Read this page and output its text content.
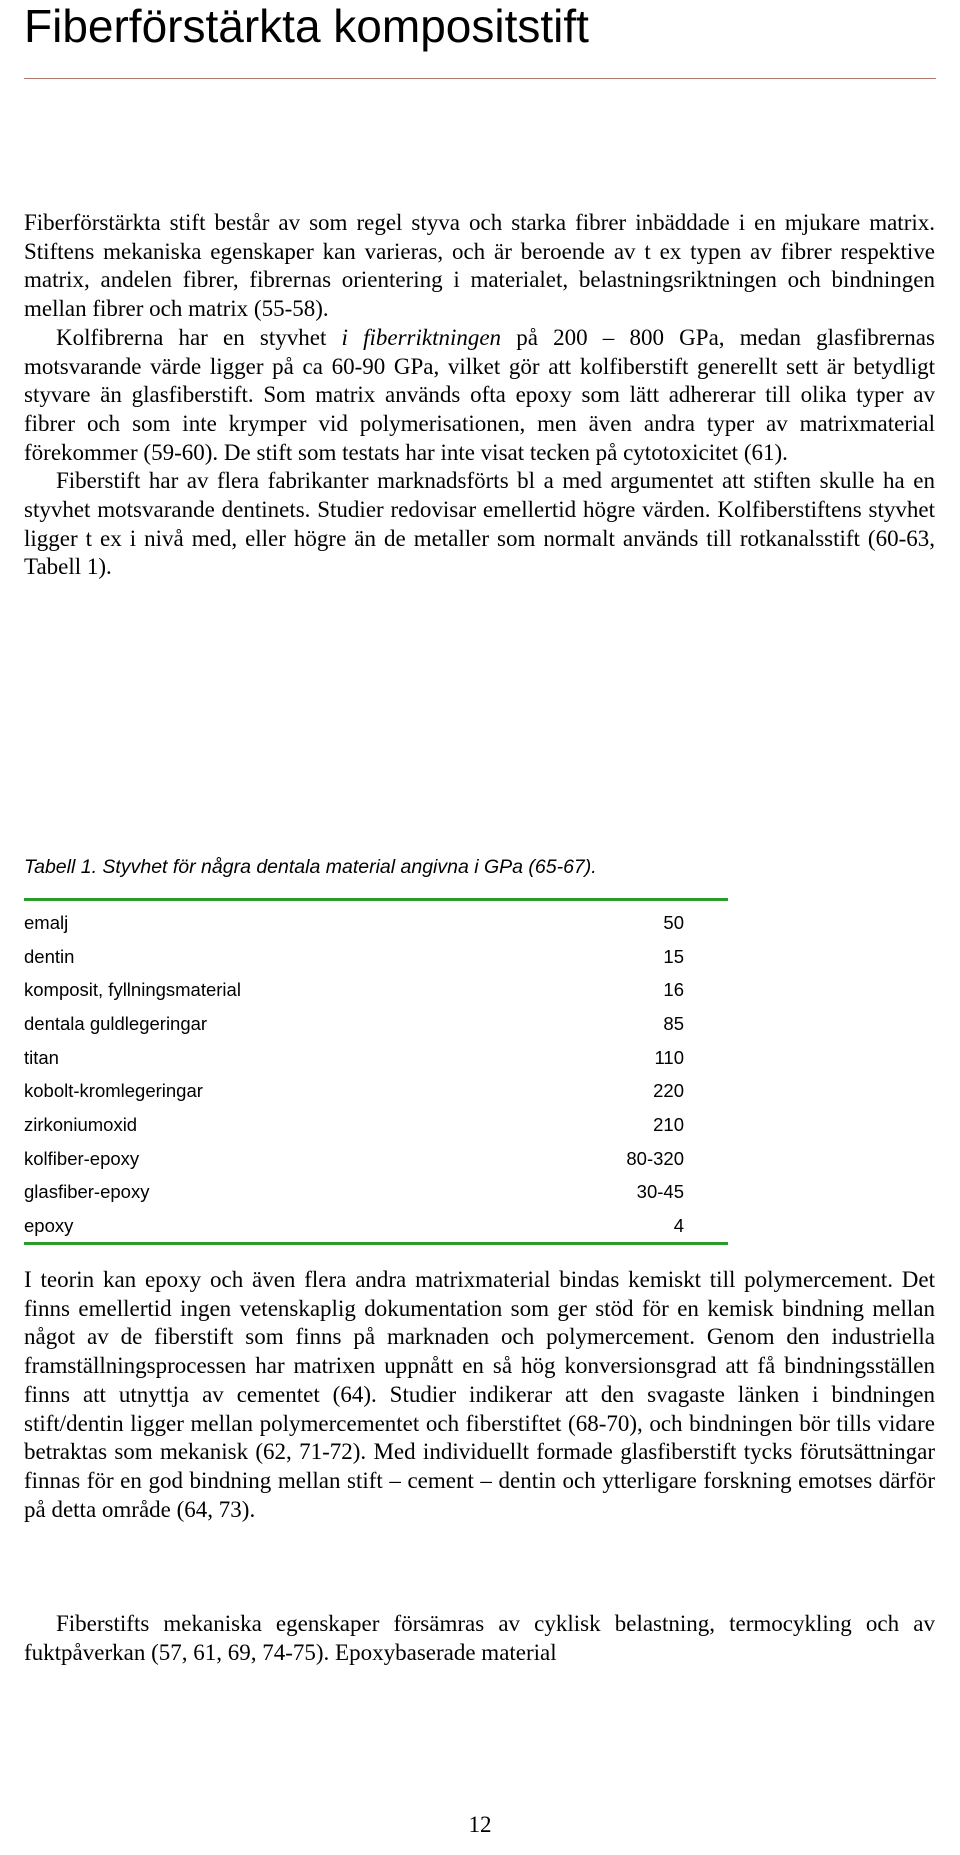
Fiberförstärkta kompositstift

Fiberförstärkta stift består av som regel styva och starka fibrer inbäddade i en mjukare matrix. Stiftens mekaniska egenskaper kan varieras, och är beroende av t ex typen av fibrer respektive matrix, andelen fibrer, fibrernas orientering i materialet, belastningsriktningen och bindningen mellan fibrer och matrix (55-58).

Kolfibrerna har en styvhet i fiberriktningen på 200 – 800 GPa, medan glasfibrernas motsvarande värde ligger på ca 60-90 GPa, vilket gör att kolfiberstift generellt sett är betydligt styvare än glasfiberstift. Som matrix används ofta epoxy som lätt adhererar till olika typer av fibrer och som inte krymper vid polymerisationen, men även andra typer av matrixmaterial förekommer (59-60). De stift som testats har inte visat tecken på cytotoxicitet (61).

Fiberstift har av flera fabrikanter marknadsförts bl a med argumentet att stiften skulle ha en styvhet motsvarande dentinets. Studier redovisar emellertid högre värden. Kolfiberstiftens styvhet ligger t ex i nivå med, eller högre än de metaller som normalt används till rotkanalsstift (60-63, Tabell 1).

Tabell 1. Styvhet för några dentala material angivna i GPa (65-67).

emalj	50
dentin	15
komposit, fyllningsmaterial	16
dentala guldlegeringar	85
titan	110
kobolt-kromlegeringar	220
zirkoniumoxid	210
kolfiber-epoxy	80-320
glasfiber-epoxy	30-45
epoxy	4

I teorin kan epoxy och även flera andra matrixmaterial bindas kemiskt till polymercement. Det finns emellertid ingen vetenskaplig dokumentation som ger stöd för en kemisk bindning mellan något av de fiberstift som finns på marknaden och polymercement. Genom den industriella framställningsprocessen har matrixen uppnått en så hög konversionsgrad att få bindningsställen finns att utnyttja av cementet (64). Studier indikerar att den svagaste länken i bindningen stift/dentin ligger mellan polymercementet och fiberstiftet (68-70), och bindningen bör tills vidare betraktas som mekanisk (62, 71-72). Med individuellt formade glasfiberstift tycks förutsättningar finnas för en god bindning mellan stift – cement – dentin och ytterligare forskning emotses därför på detta område (64, 73).

Fiberstifts mekaniska egenskaper försämras av cyklisk belastning, termocykling och av fuktpåverkan (57, 61, 69, 74-75). Epoxybaserade material

12
